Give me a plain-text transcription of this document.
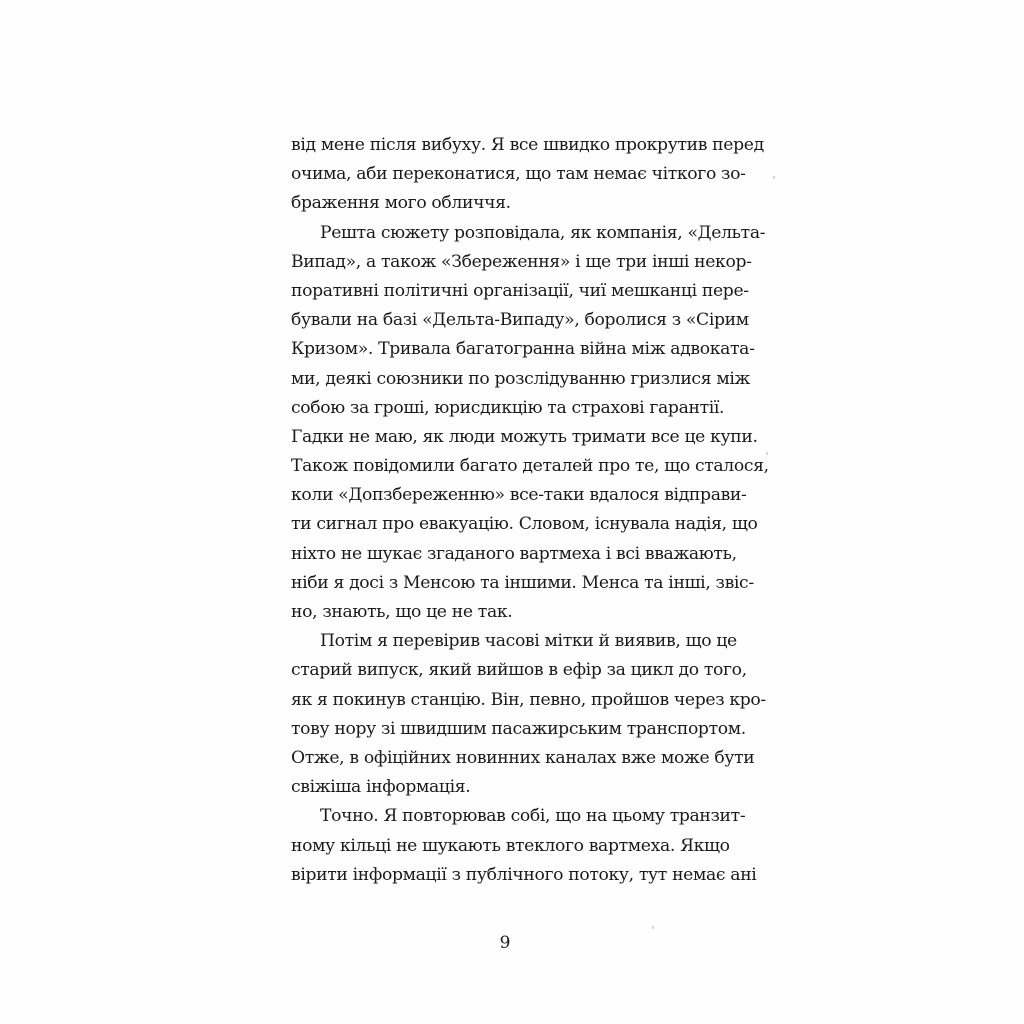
від мене після вибуху. Я все швидко прокрутив перед
очима, аби переконатися, що там немає чіткого зо-
браження мого обличчя.
Решта сюжету розповідала, як компанія, «Дельта-
Випад», а також «Збереження» і ще три інші некор-
поративні політичні організації, чиї мешканці пере-
бували на базі «Дельта-Випаду», боролися з «Сірим
Кризом». Тривала багатогранна війна між адвоката-
ми, деякі союзники по розслідуванню гризлися між
собою за гроші, юрисдикцію та страхові гарантії.
Гадки не маю, як люди можуть тримати все це купи.
Також повідомили багато деталей про те, що сталося,
коли «Допзбереженню» все-таки вдалося відправи-
ти сигнал про евакуацію. Словом, існувала надія, що
ніхто не шукає згаданого вартмеха і всі вважають,
ніби я досі з Менсою та іншими. Менса та інші, звіс-
но, знають, що це не так.
Потім я перевірив часові мітки й виявив, що це
старий випуск, який вийшов в ефір за цикл до того,
як я покинув станцію. Він, певно, пройшов через кро-
тову нору зі швидшим пасажирським транспортом.
Отже, в офіційних новинних каналах вже може бути
свіжіша інформація.
Точно. Я повторював собі, що на цьому транзит-
ному кільці не шукають втеклого вартмеха. Якщо
вірити інформації з публічного потоку, тут немає ані
9
